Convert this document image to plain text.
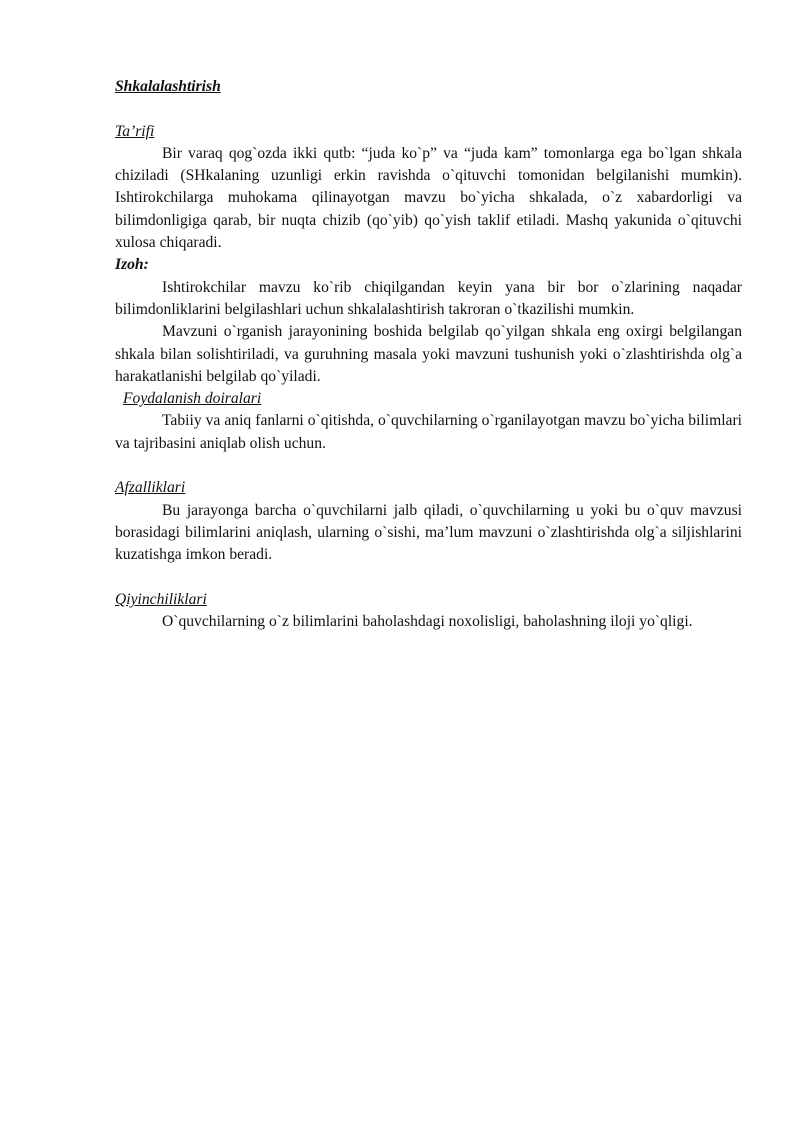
Shkalalashtirish

Ta’rifi

Bir varaq qog`ozda ikki qutb: “juda ko`p” va “juda kam” tomonlarga ega bo`lgan shkala chiziladi (SHkalaning uzunligi erkin ravishda o`qituvchi tomonidan belgilanishi mumkin). Ishtirokchilarga muhokama qilinayotgan mavzu bo`yicha shkalada, o`z xabardorligi va bilimdonligiga qarab, bir nuqta chizib (qo`yib) qo`yish taklif etiladi. Mashq yakunida o`qituvchi xulosa chiqaradi.

Izoh:

Ishtirokchilar mavzu ko`rib chiqilgandan keyin yana bir bor o`zlarining naqadar bilimdonliklarini belgilashlari uchun shkalalashtirish takroran o`tkazilishi mumkin.

Mavzuni o`rganish jarayonining boshida belgilab qo`yilgan shkala eng oxirgi belgilangan shkala bilan solishtiriladi, va guruhning masala yoki mavzuni tushunish yoki o`zlashtirishda olg`a harakatlanishi belgilab qo`yiladi.

Foydalanish doiralari

Tabiiy va aniq fanlarni o`qitishda, o`quvchilarning o`rganilayotgan mavzu bo`yicha bilimlari va tajribasini aniqlab olish uchun.

Afzalliklari

Bu jarayonga barcha o`quvchilarni jalb qiladi, o`quvchilarning u yoki bu o`quv mavzusi borasidagi bilimlarini aniqlash, ularning o`sishi, ma’lum mavzuni o`zlashtirishda olg`a siljishlarini kuzatishga imkon beradi.

Qiyinchiliklari

O`quvchilarning o`z bilimlarini baholashdagi noxolisligi, baholashning iloji yo`qligi.
